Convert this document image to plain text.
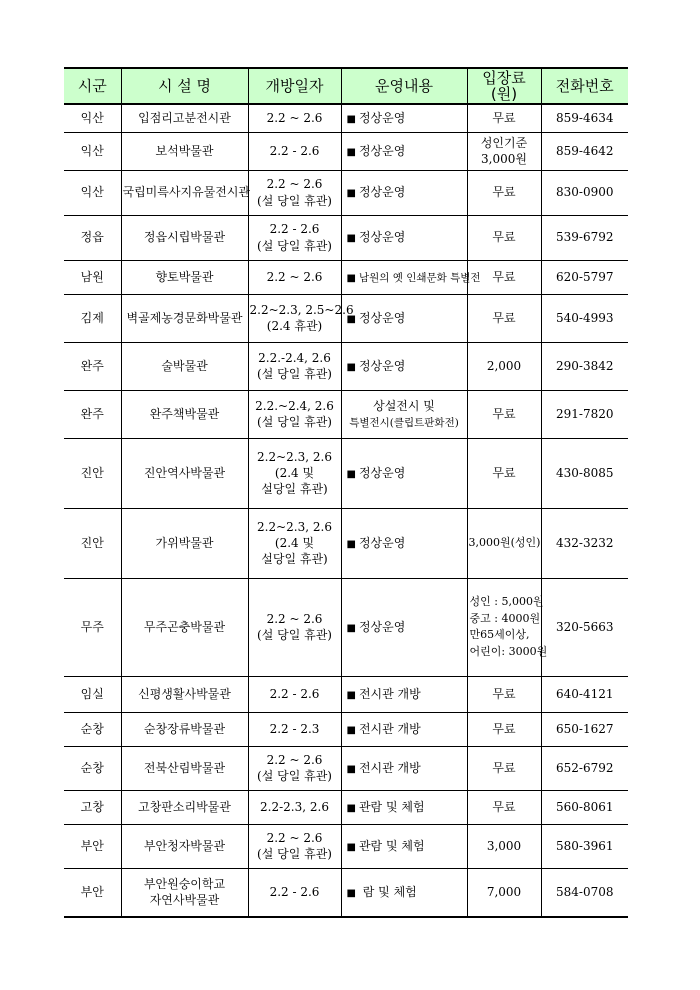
시군	시 설 명	개방일자	운영내용	입장료
(원)	전화번호
익산	입점리고분전시관	2.2 ~ 2.6	■ 정상운영	무료	859-4634
익산	보석박물관	2.2 - 2.6	■ 정상운영	성인기준
3,000원	859-4642
익산	국립미륵사지유물전시관	2.2 ~ 2.6
(설 당일 휴관)	■ 정상운영	무료	830-0900
정읍	정읍시립박물관	2.2 - 2.6
(설 당일 휴관)	■ 정상운영	무료	539-6792
남원	향토박물관	2.2 ~ 2.6	■ 남원의 옛 인쇄문화 특별전	무료	620-5797
김제	벽골제농경문화박물관	2.2~2.3, 2.5~2.6
(2.4 휴관)	■ 정상운영	무료	540-4993
완주	술박물관	2.2.-2.4, 2.6
(설 당일 휴관)	■ 정상운영	2,000	290-3842
완주	완주책박물관	2.2.~2.4, 2.6
(설 당일 휴관)	상설전시 및
특별전시(클립트판화전)	무료	291-7820
진안	진안역사박물관	2.2~2.3, 2.6
(2.4 및
설당일 휴관)	■ 정상운영	무료	430-8085
진안	가위박물관	2.2~2.3, 2.6
(2.4 및
설당일 휴관)	■ 정상운영	3,000원(성인)	432-3232
무주	무주곤충박물관	2.2 ~ 2.6
(설 당일 휴관)	■ 정상운영	성인 : 5,000원
중고 : 4000원
만65세이상,
어린이: 3000원	320-5663
임실	신평생활사박물관	2.2 - 2.6	■ 전시관 개방	무료	640-4121
순창	순창장류박물관	2.2 - 2.3	■ 전시관 개방	무료	650-1627
순창	전북산림박물관	2.2 ~ 2.6
(설 당일 휴관)	■ 전시관 개방	무료	652-6792
고창	고창판소리박물관	2.2-2.3, 2.6	■ 관람 및 체험	무료	560-8061
부안	부안청자박물관	2.2 ~ 2.6
(설 당일 휴관)	■ 관람 및 체험	3,000	580-3961
부안	부안원숭이학교
자연사박물관	2.2 - 2.6	■ 람 및 체험	7,000	584-0708
